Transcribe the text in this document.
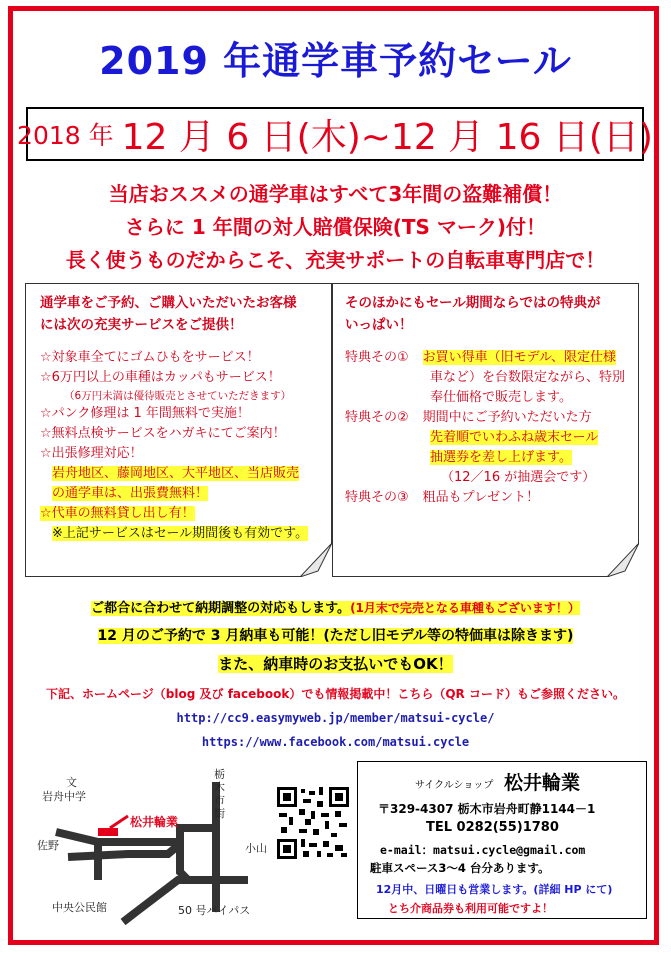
2019 年通学車予約セール
2018 年 12 月 6 日(木)~12 月 16 日(日)
当店おススメの通学車はすべて3年間の盗難補償！
さらに 1 年間の対人賠償保険(TS マーク)付！
長く使うものだからこそ、充実サポートの自転車専門店で！
通学車をご予約、ご購入いただいたお客様
には次の充実サービスをご提供！
☆対象車全てにゴムひもをサービス！
☆6万円以上の車種はカッパもサービス！
（6万円未満は優待販売とさせていただきます）
☆パンク修理は 1 年間無料で実施！
☆無料点検サービスをハガキにてご案内！
☆出張修理対応！
岩舟地区、藤岡地区、大平地区、当店販売
の通学車は、出張費無料！
☆代車の無料貸し出し有！
※上記サービスはセール期間後も有効です。
そのほかにもセール期間ならではの特典が
いっぱい！
特典その① お買い得車（旧モデル、限定仕様
車など）を台数限定ながら、特別
奉仕価格で販売します。
特典その② 期間中にご予約いただいた方
先着順でいわふね歳末セール
抽選券を差し上げます。
（12／16 が抽選会です）
特典その③ 粗品もプレゼント！
ご都合に合わせて納期調整の対応もします。(1月末で完売となる車種もございます！）
12 月のご予約で 3 月納車も可能！(ただし旧モデル等の特価車は除きます)
また、納車時のお支払いでもOK！
下記、ホームページ（blog 及び facebook）でも情報掲載中！こちら（QR コード）もご参照ください。
http://cc9.easymyweb.jp/member/matsui-cycle/
https://www.facebook.com/matsui.cycle
文
岩舟中学
松井輪業
佐野
栃木市街
小山
中央公民館	50 号バイパス
サイクルショップ 松井輪業
〒329-4307 栃木市岩舟町静1144－1
TEL 0282(55)1780
e-mail：matsui.cycle@gmail.com
駐車スペース3～4 台分あります。
12月中、日曜日も営業します。(詳細 HP にて)
とち介商品券も利用可能ですよ！
